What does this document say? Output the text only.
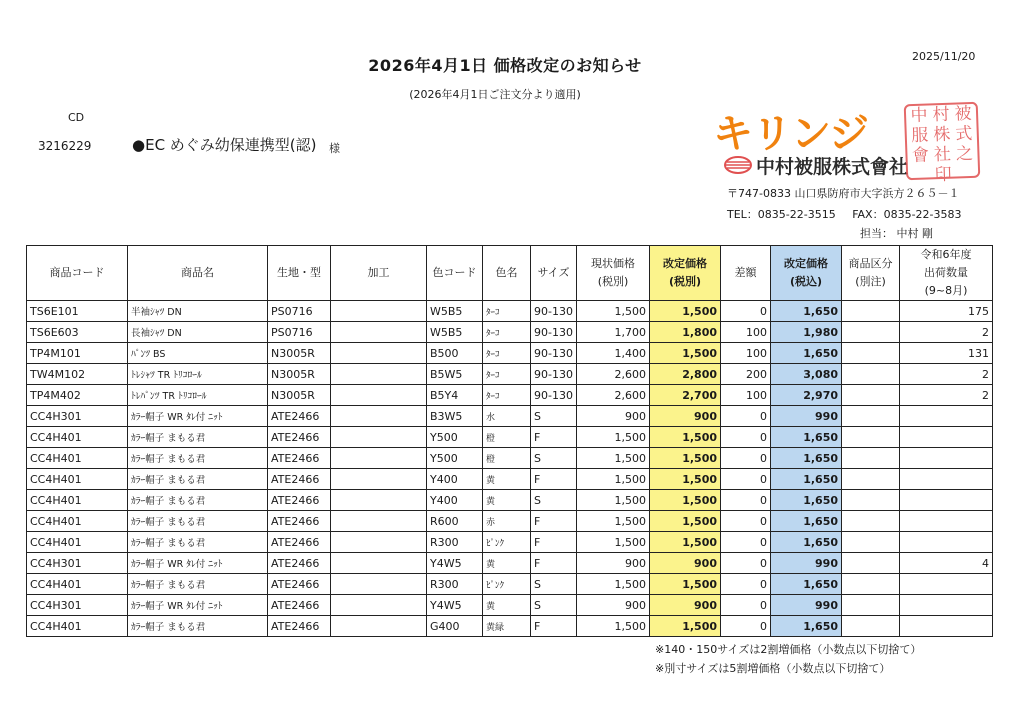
2026年4月1日 価格改定のお知らせ	2025/11/20
(2026年4月1日ご注文分より適用)
CD
3216229	●EC めぐみ幼保連携型(認) 様	キリンジ
中村被服株式會社
中 村 被
服 株 式
會 社 之
印
〒747-0833 山口県防府市大字浜方２６５－１
TEL：0835-22-3515　 FAX：0835-22-3583
担当： 中村 剛
商品コード	商品名	生地・型	加工	色コード	色名	サイズ	現状価格
(税別)	改定価格
(税別)	差額	改定価格
(税込)	商品区分
(別注)	令和6年度
出荷数量
(9~8月)
TS6E101	半袖ｼｬﾂ DN	PS0716		W5B5	ﾀｰｺ	90-130	1,500	1,500	0	1,650		175
TS6E603	長袖ｼｬﾂ DN	PS0716		W5B5	ﾀｰｺ	90-130	1,700	1,800	100	1,980		2
TP4M101	ﾊﾟﾝﾂ BS	N3005R		B500	ﾀｰｺ	90-130	1,400	1,500	100	1,650		131
TW4M102	ﾄﾚｼｬﾂ TR ﾄﾘｺﾛｰﾙ	N3005R		B5W5	ﾀｰｺ	90-130	2,600	2,800	200	3,080		2
TP4M402	ﾄﾚﾊﾟﾝﾂ TR ﾄﾘｺﾛｰﾙ	N3005R		B5Y4	ﾀｰｺ	90-130	2,600	2,700	100	2,970		2
CC4H301	ｶﾗｰ帽子 WR ﾀﾚ付 ﾆｯﾄ	ATE2466		B3W5	水	S	900	900	0	990		
CC4H401	ｶﾗｰ帽子 まもる君	ATE2466		Y500	橙	F	1,500	1,500	0	1,650		
CC4H401	ｶﾗｰ帽子 まもる君	ATE2466		Y500	橙	S	1,500	1,500	0	1,650		
CC4H401	ｶﾗｰ帽子 まもる君	ATE2466		Y400	黄	F	1,500	1,500	0	1,650		
CC4H401	ｶﾗｰ帽子 まもる君	ATE2466		Y400	黄	S	1,500	1,500	0	1,650		
CC4H401	ｶﾗｰ帽子 まもる君	ATE2466		R600	赤	F	1,500	1,500	0	1,650		
CC4H401	ｶﾗｰ帽子 まもる君	ATE2466		R300	ﾋﾟﾝｸ	F	1,500	1,500	0	1,650		
CC4H301	ｶﾗｰ帽子 WR ﾀﾚ付 ﾆｯﾄ	ATE2466		Y4W5	黄	F	900	900	0	990		4
CC4H401	ｶﾗｰ帽子 まもる君	ATE2466		R300	ﾋﾟﾝｸ	S	1,500	1,500	0	1,650		
CC4H301	ｶﾗｰ帽子 WR ﾀﾚ付 ﾆｯﾄ	ATE2466		Y4W5	黄	S	900	900	0	990		
CC4H401	ｶﾗｰ帽子 まもる君	ATE2466		G400	黄緑	F	1,500	1,500	0	1,650		
※140・150サイズは2割増価格（小数点以下切捨て）
※別寸サイズは5割増価格（小数点以下切捨て）
